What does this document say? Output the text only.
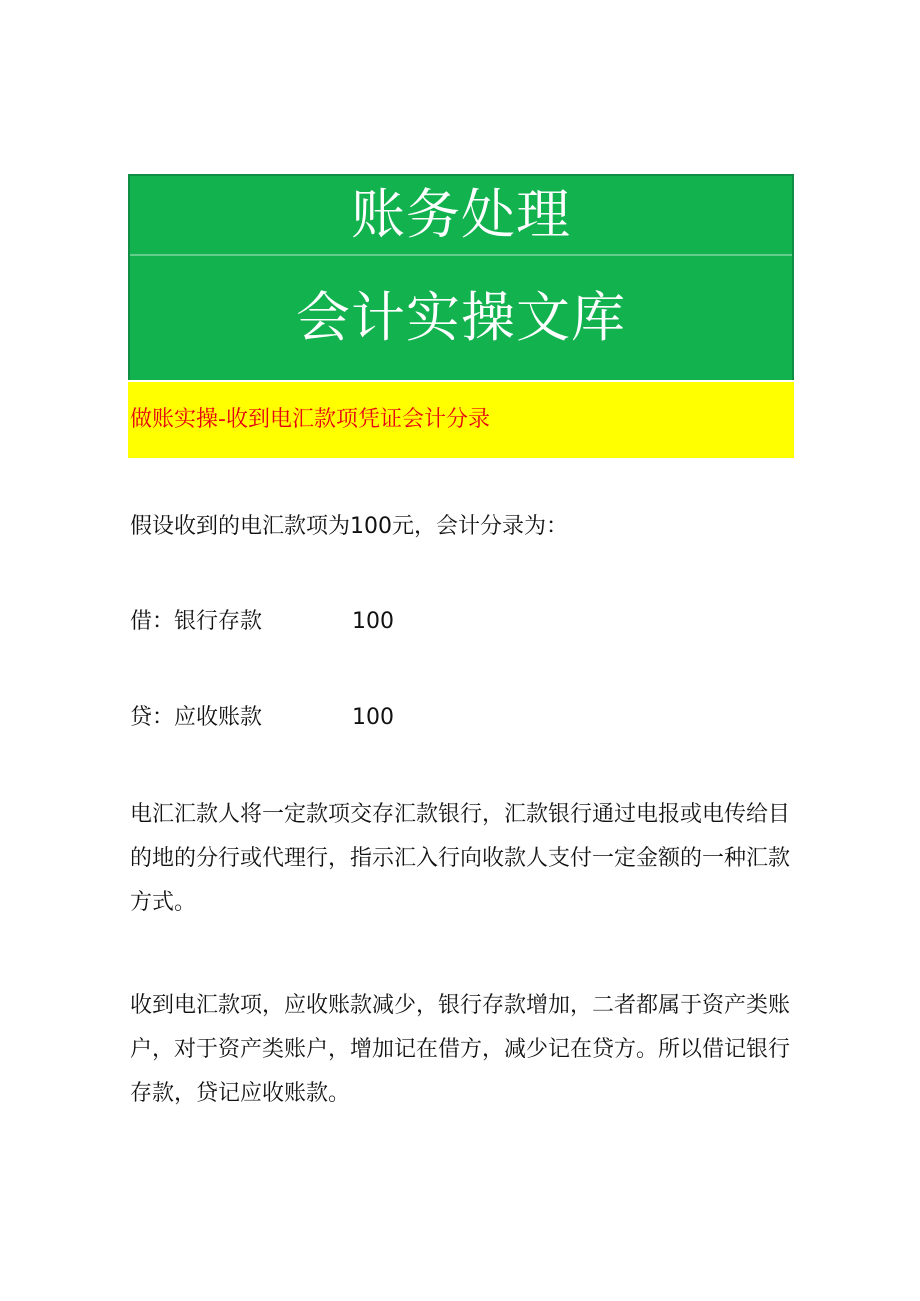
账务处理
会计实操文库
做账实操-收到电汇款项凭证会计分录
假设收到的电汇款项为100元，会计分录为：
借：银行存款	100
贷：应收账款	100
电汇汇款人将一定款项交存汇款银行，汇款银行通过电报或电传给目的地的分行或代理行，指示汇入行向收款人支付一定金额的一种汇款方式。
收到电汇款项，应收账款减少，银行存款增加，二者都属于资产类账户，对于资产类账户，增加记在借方，减少记在贷方。所以借记银行存款，贷记应收账款。
